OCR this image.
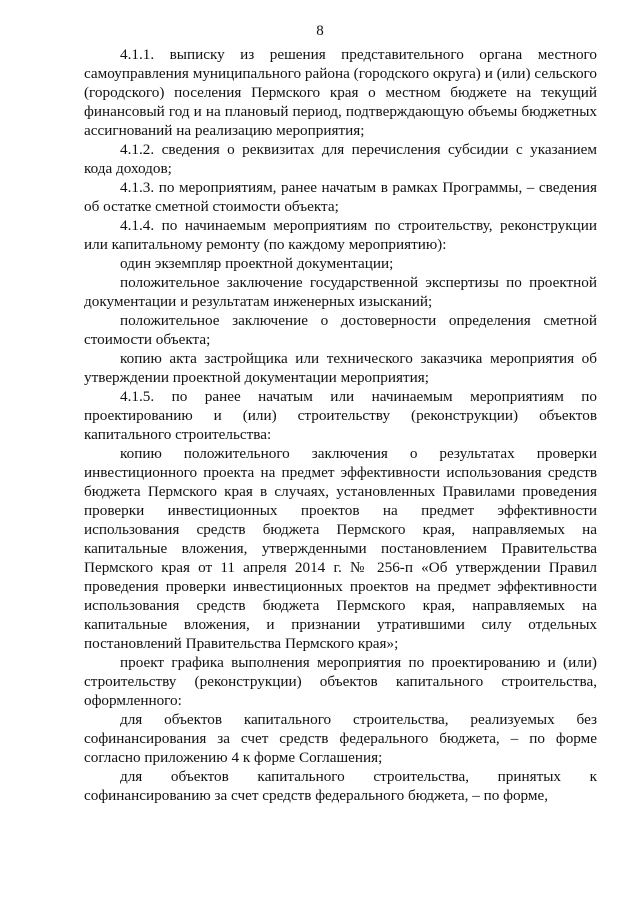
8

4.1.1. выписку из решения представительного органа местного самоуправления муниципального района (городского округа) и (или) сельского (городского) поселения Пермского края о местном бюджете на текущий финансовый год и на плановый период, подтверждающую объемы бюджетных ассигнований на реализацию мероприятия;

4.1.2. сведения о реквизитах для перечисления субсидии с указанием кода доходов;

4.1.3. по мероприятиям, ранее начатым в рамках Программы, – сведения об остатке сметной стоимости объекта;

4.1.4. по начинаемым мероприятиям по строительству, реконструкции или капитальному ремонту (по каждому мероприятию):

один экземпляр проектной документации;

положительное заключение государственной экспертизы по проектной документации и результатам инженерных изысканий;

положительное заключение о достоверности определения сметной стоимости объекта;

копию акта застройщика или технического заказчика мероприятия об утверждении проектной документации мероприятия;

4.1.5. по ранее начатым или начинаемым мероприятиям по проектированию и (или) строительству (реконструкции) объектов капитального строительства:

копию положительного заключения о результатах проверки инвестиционного проекта на предмет эффективности использования средств бюджета Пермского края в случаях, установленных Правилами проведения проверки инвестиционных проектов на предмет эффективности использования средств бюджета Пермского края, направляемых на капитальные вложения, утвержденными постановлением Правительства Пермского края от 11 апреля 2014 г. № 256-п «Об утверждении Правил проведения проверки инвестиционных проектов на предмет эффективности использования средств бюджета Пермского края, направляемых на капитальные вложения, и признании утратившими силу отдельных постановлений Правительства Пермского края»;

проект графика выполнения мероприятия по проектированию и (или) строительству (реконструкции) объектов капитального строительства, оформленного:

для объектов капитального строительства, реализуемых без софинансирования за счет средств федерального бюджета, – по форме согласно приложению 4 к форме Соглашения;

для объектов капитального строительства, принятых к софинансированию за счет средств федерального бюджета, – по форме,
